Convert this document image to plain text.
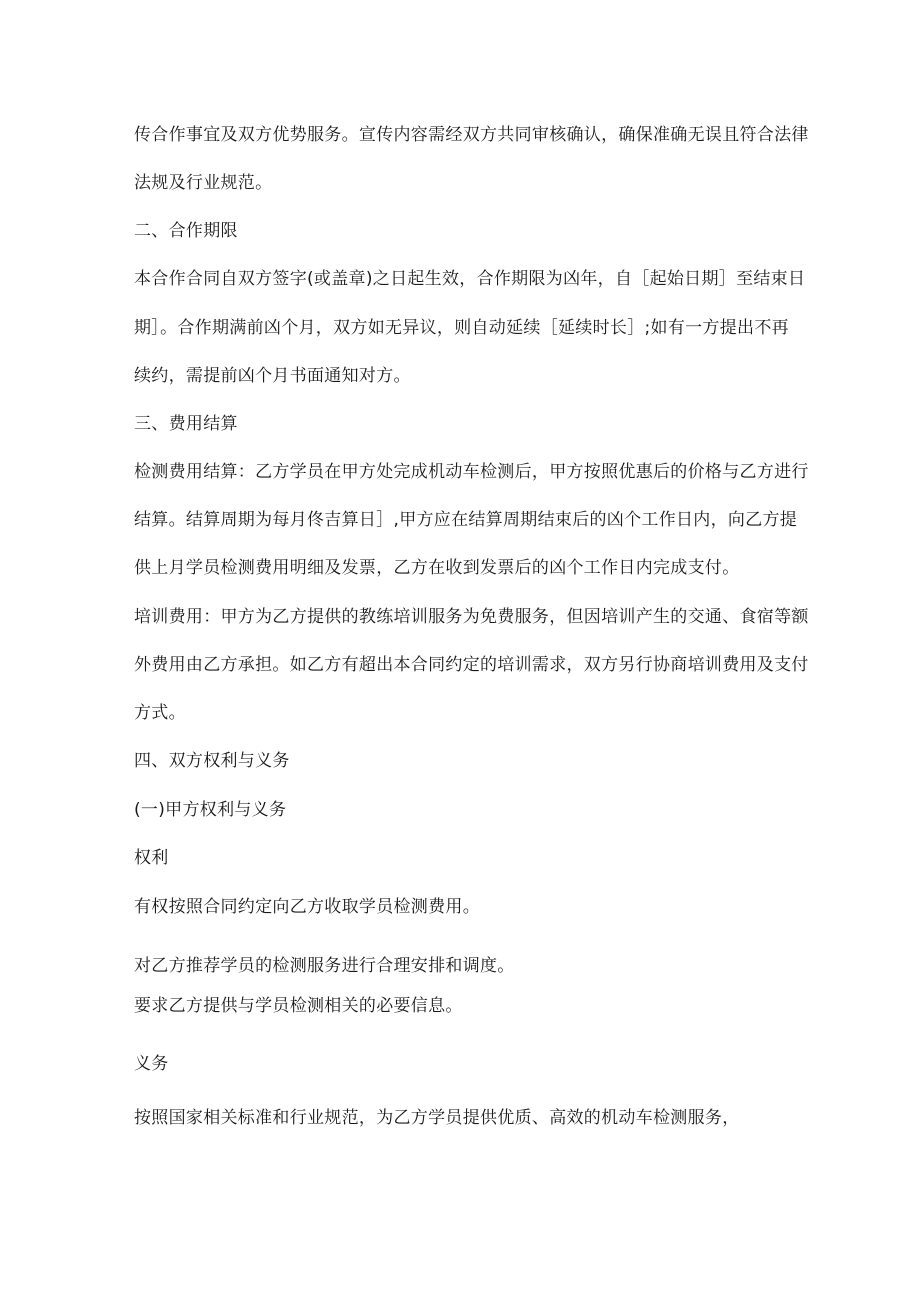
传合作事宜及双方优势服务。宣传内容需经双方共同审核确认，确保准确无误且符合法律
法规及行业规范。
二、合作期限
本合作合同自双方签字(或盖章)之日起生效，合作期限为凶年，自［起始日期］至结束日
期］。合作期满前凶个月，双方如无异议，则自动延续［延续时长］;如有一方提出不再
续约，需提前凶个月书面通知对方。
三、费用结算
检测费用结算：乙方学员在甲方处完成机动车检测后，甲方按照优惠后的价格与乙方进行
结算。结算周期为每月佟吉算日］,甲方应在结算周期结束后的凶个工作日内，向乙方提
供上月学员检测费用明细及发票，乙方在收到发票后的凶个工作日内完成支付。
培训费用：甲方为乙方提供的教练培训服务为免费服务，但因培训产生的交通、食宿等额
外费用由乙方承担。如乙方有超出本合同约定的培训需求，双方另行协商培训费用及支付
方式。
四、双方权利与义务
(一)甲方权利与义务
权利
有权按照合同约定向乙方收取学员检测费用。
对乙方推荐学员的检测服务进行合理安排和调度。
要求乙方提供与学员检测相关的必要信息。
义务
按照国家相关标准和行业规范，为乙方学员提供优质、高效的机动车检测服务，
